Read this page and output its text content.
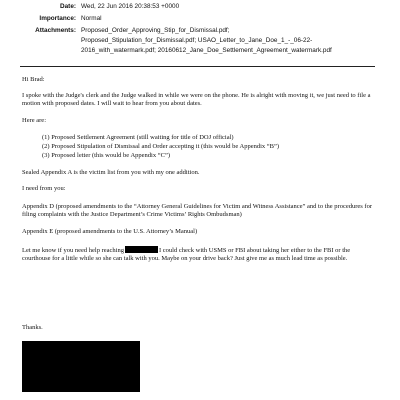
Date: Wed, 22 Jun 2016 20:38:53 +0000
Importance: Normal
Attachments: Proposed_Order_Approving_Stip_for_Dismissal.pdf;
Proposed_Stipulation_for_Dismissal.pdf; USAO_Letter_to_Jane_Doe_1_-_06-22-
2016_with_watermark.pdf; 20160612_Jane_Doe_Settlement_Agreement_watermark.pdf
Hi Brad:
I spoke with the Judge's clerk and the Judge walked in while we were on the phone. He is alright with moving it, we just need to file a motion with proposed dates. I will wait to hear from you about dates.
Here are:
(1) Proposed Settlement Agreement (still waiting for title of DOJ official)
(2) Proposed Stipulation of Dismissal and Order accepting it (this would be Appendix “B”)
(3) Proposed letter (this would be Appendix “C”)
Sealed Appendix A is the victim list from you with my one addition.
I need from you:
Appendix D (proposed amendments to the “Attorney General Guidelines for Victim and Witness Assistance” and to the procedures for filing complaints with the Justice Department’s Crime Victims’ Rights Ombudsman)
Appendix E (proposed amendments to the U.S. Attorney’s Manual)
Let me know if you need help reaching	I could check with USMS or FBI about taking her either to the FBI or the courthouse for a little while so she can talk with you. Maybe on your drive back? Just give me as much lead time as possible.
Thanks.
